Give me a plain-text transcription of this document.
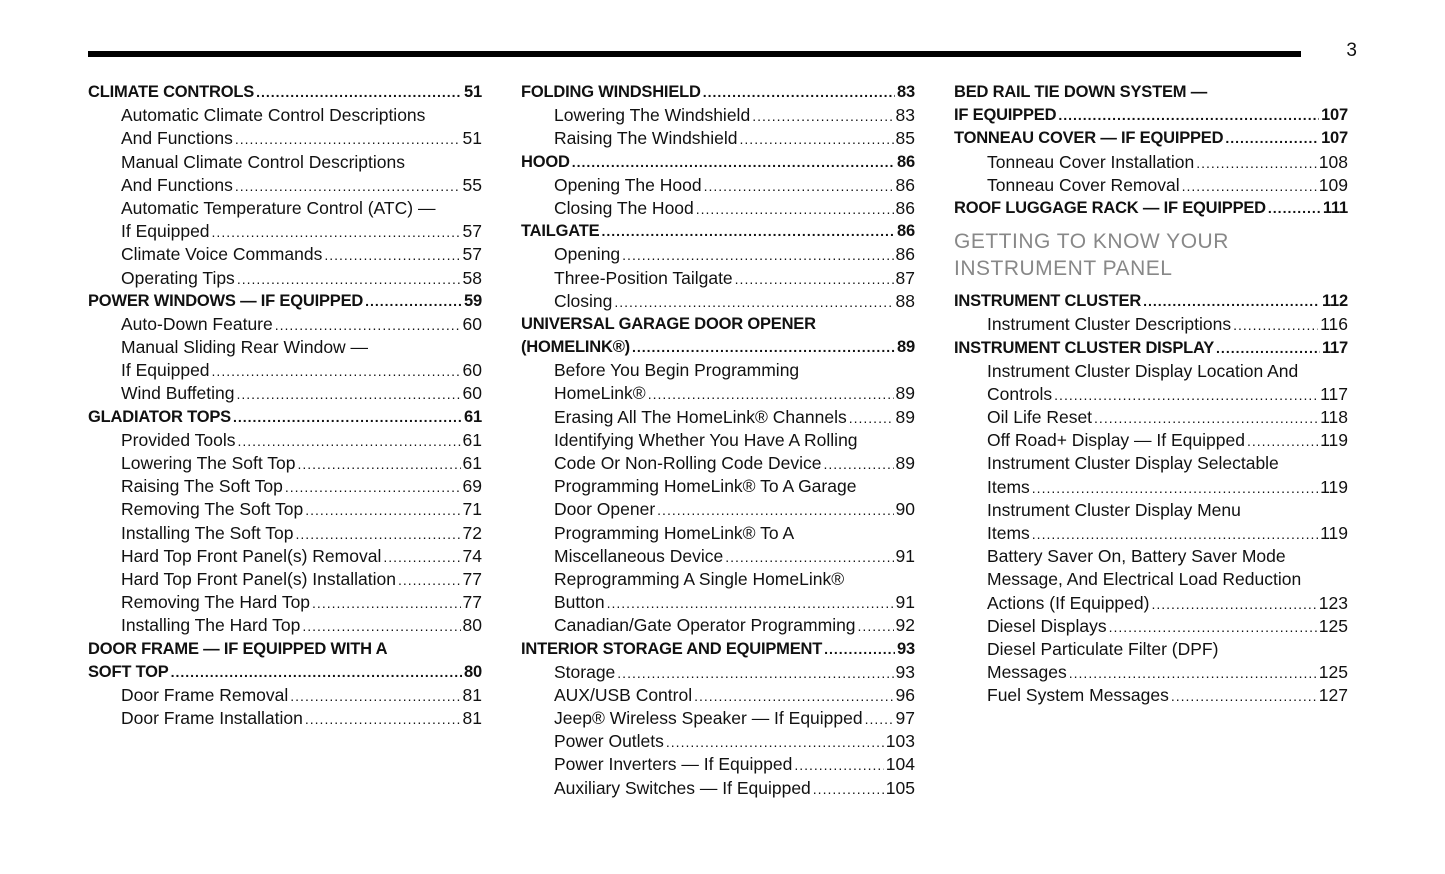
3
CLIMATE CONTROLS .....	51
Automatic Climate Control Descriptions
And Functions .....	51
Manual Climate Control Descriptions
And Functions .....	55
Automatic Temperature Control (ATC) —
If Equipped .....	57
Climate Voice Commands .....	57
Operating Tips .....	58
POWER WINDOWS — IF EQUIPPED .....	59
Auto-Down Feature .....	60
Manual Sliding Rear Window —
If Equipped .....	60
Wind Buffeting .....	60
GLADIATOR TOPS .....	61
Provided Tools .....	61
Lowering The Soft Top .....	61
Raising The Soft Top .....	69
Removing The Soft Top .....	71
Installing The Soft Top .....	72
Hard Top Front Panel(s) Removal .....	74
Hard Top Front Panel(s) Installation .....	77
Removing The Hard Top .....	77
Installing The Hard Top .....	80
DOOR FRAME — IF EQUIPPED WITH A
SOFT TOP .....	80
Door Frame Removal .....	81
Door Frame Installation .....	81
FOLDING WINDSHIELD .....	83
Lowering The Windshield .....	83
Raising The Windshield .....	85
HOOD .....	86
Opening The Hood .....	86
Closing The Hood .....	86
TAILGATE .....	86
Opening .....	86
Three-Position Tailgate .....	87
Closing .....	88
UNIVERSAL GARAGE DOOR OPENER
(HOMELINK®) .....	89
Before You Begin Programming
HomeLink® .....	89
Erasing All The HomeLink® Channels .....	89
Identifying Whether You Have A Rolling
Code Or Non-Rolling Code Device .....	89
Programming HomeLink® To A Garage
Door Opener .....	90
Programming HomeLink® To A
Miscellaneous Device .....	91
Reprogramming A Single HomeLink®
Button .....	91
Canadian/Gate Operator Programming ..... 92
INTERIOR STORAGE AND EQUIPMENT .....	93
Storage .....	93
AUX/USB Control .....	96
Jeep® Wireless Speaker — If Equipped ..... 97
Power Outlets .....	103
Power Inverters — If Equipped .....	104
Auxiliary Switches — If Equipped .....	105
BED RAIL TIE DOWN SYSTEM —
IF EQUIPPED .....	107
TONNEAU COVER — IF EQUIPPED .....	107
Tonneau Cover Installation .....	108
Tonneau Cover Removal .....	109
ROOF LUGGAGE RACK — IF EQUIPPED .....	111
GETTING TO KNOW YOUR
INSTRUMENT PANEL
INSTRUMENT CLUSTER .....	112
Instrument Cluster Descriptions .....	116
INSTRUMENT CLUSTER DISPLAY .....	117
Instrument Cluster Display Location And
Controls .....	117
Oil Life Reset .....	118
Off Road+ Display — If Equipped .....	119
Instrument Cluster Display Selectable
Items .....	119
Instrument Cluster Display Menu
Items .....	119
Battery Saver On, Battery Saver Mode
Message, And Electrical Load Reduction
Actions (If Equipped) .....	123
Diesel Displays .....	125
Diesel Particulate Filter (DPF)
Messages .....	125
Fuel System Messages .....	127
